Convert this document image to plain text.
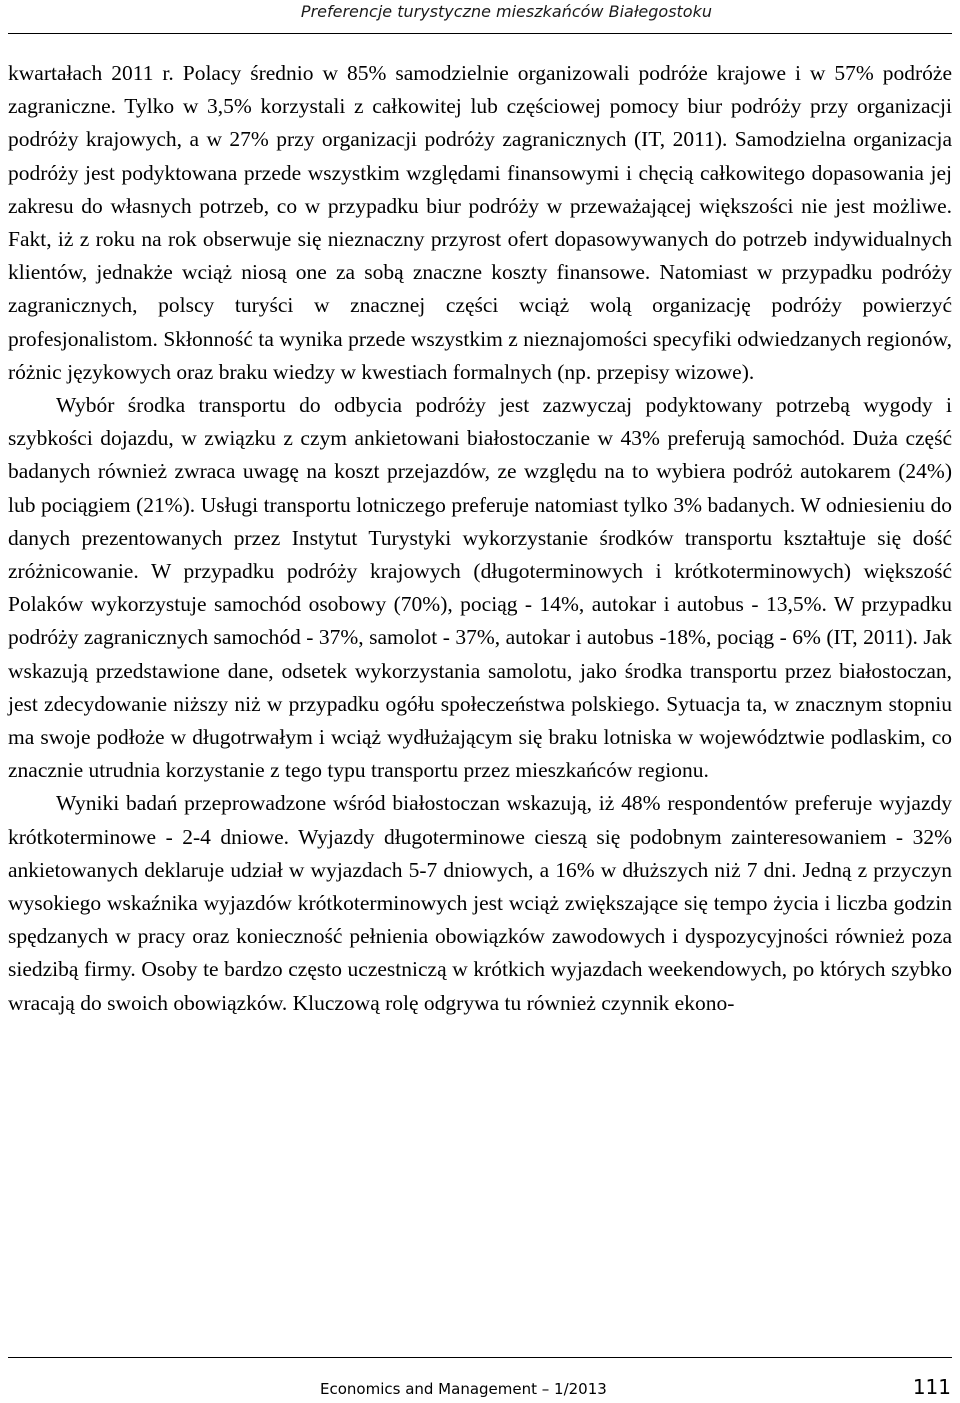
Preferencje turystyczne mieszkańców Białegostoku

kwartałach 2011 r. Polacy średnio w 85% samodzielnie organizowali podróże krajowe i w 57% podróże zagraniczne. Tylko w 3,5% korzystali z całkowitej lub częściowej pomocy biur podróży przy organizacji podróży krajowych, a w 27% przy organizacji podróży zagranicznych (IT, 2011). Samodzielna organizacja podróży jest podyktowana przede wszystkim względami finansowymi i chęcią całkowitego dopasowania jej zakresu do własnych potrzeb, co w przypadku biur podróży w przeważającej większości nie jest możliwe. Fakt, iż z roku na rok obserwuje się nieznaczny przyrost ofert dopasowywanych do potrzeb indywidualnych klientów, jednakże wciąż niosą one za sobą znaczne koszty finansowe. Natomiast w przypadku podróży zagranicznych, polscy turyści w znacznej części wciąż wolą organizację podróży powierzyć profesjonalistom. Skłonność ta wynika przede wszystkim z nieznajomości specyfiki odwiedzanych regionów, różnic językowych oraz braku wiedzy w kwestiach formalnych (np. przepisy wizowe).

Wybór środka transportu do odbycia podróży jest zazwyczaj podyktowany potrzebą wygody i szybkości dojazdu, w związku z czym ankietowani białostoczanie w 43% preferują samochód. Duża część badanych również zwraca uwagę na koszt przejazdów, ze względu na to wybiera podróż autokarem (24%) lub pociągiem (21%). Usługi transportu lotniczego preferuje natomiast tylko 3% badanych. W odniesieniu do danych prezentowanych przez Instytut Turystyki wykorzystanie środków transportu kształtuje się dość zróżnicowanie. W przypadku podróży krajowych (długoterminowych i krótkoterminowych) większość Polaków wykorzystuje samochód osobowy (70%), pociąg - 14%, autokar i autobus - 13,5%. W przypadku podróży zagranicznych samochód - 37%, samolot - 37%, autokar i autobus -18%, pociąg - 6% (IT, 2011). Jak wskazują przedstawione dane, odsetek wykorzystania samolotu, jako środka transportu przez białostoczan, jest zdecydowanie niższy niż w przypadku ogółu społeczeństwa polskiego. Sytuacja ta, w znacznym stopniu ma swoje podłoże w długotrwałym i wciąż wydłużającym się braku lotniska w województwie podlaskim, co znacznie utrudnia korzystanie z tego typu transportu przez mieszkańców regionu.

Wyniki badań przeprowadzone wśród białostoczan wskazują, iż 48% respondentów preferuje wyjazdy krótkoterminowe - 2-4 dniowe. Wyjazdy długoterminowe cieszą się podobnym zainteresowaniem - 32% ankietowanych deklaruje udział w wyjazdach 5-7 dniowych, a 16% w dłuższych niż 7 dni. Jedną z przyczyn wysokiego wskaźnika wyjazdów krótkoterminowych jest wciąż zwiększające się tempo życia i liczba godzin spędzanych w pracy oraz konieczność pełnienia obowiązków zawodowych i dyspozycyjności również poza siedzibą firmy. Osoby te bardzo często uczestniczą w krótkich wyjazdach weekendowych, po których szybko wracają do swoich obowiązków. Kluczową rolę odgrywa tu również czynnik ekono-

Economics and Management – 1/2013	111
